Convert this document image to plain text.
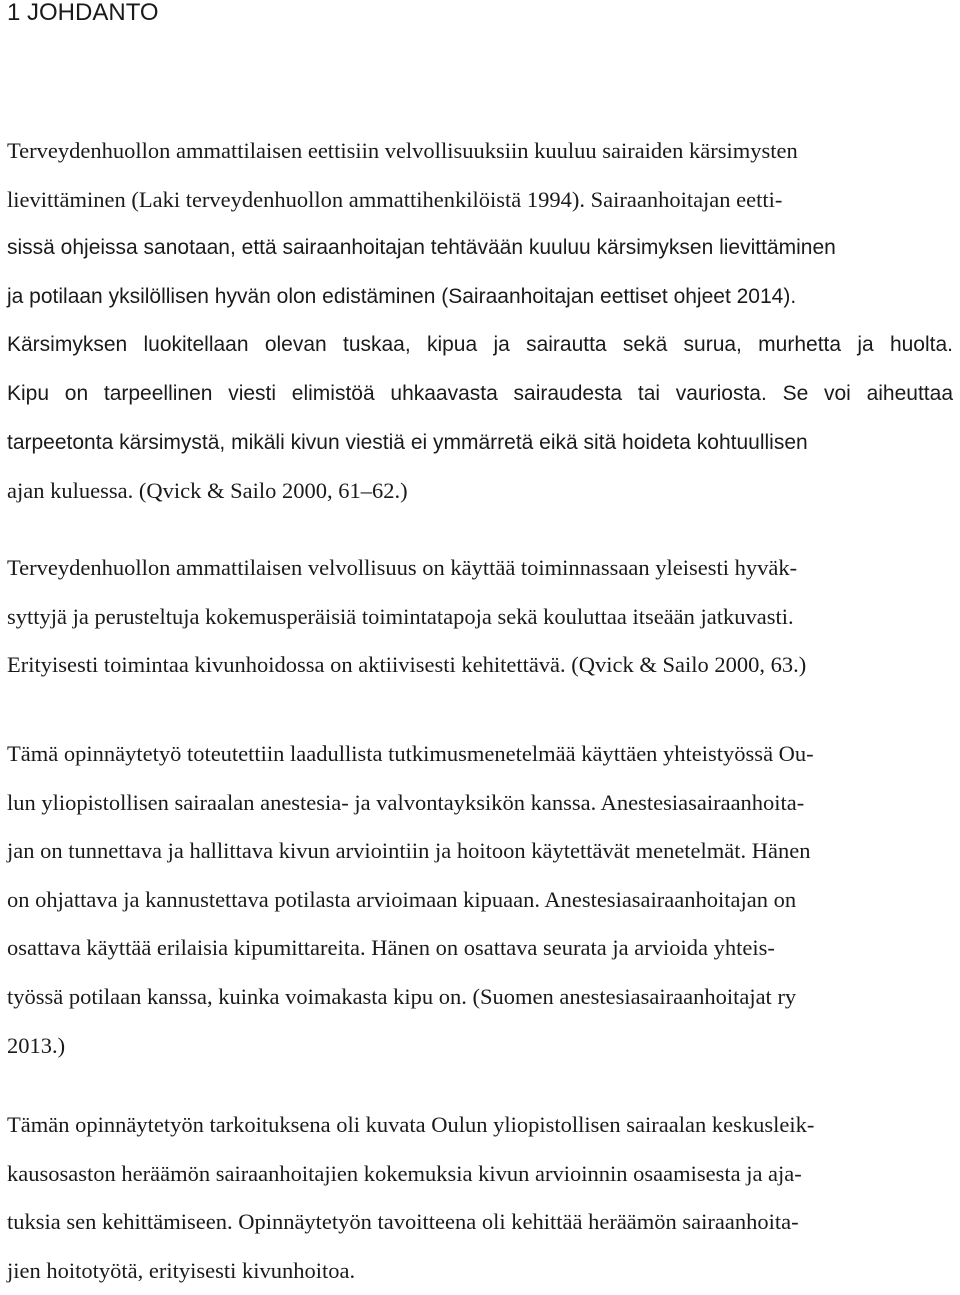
1 JOHDANTO

Terveydenhuollon ammattilaisen eettisiin velvollisuuksiin kuuluu sairaiden kärsimysten
lievittäminen (Laki terveydenhuollon ammattihenkilöistä 1994). Sairaanhoitajan eetti-
sissä ohjeissa sanotaan, että sairaanhoitajan tehtävään kuuluu kärsimyksen lievittäminen
ja potilaan yksilöllisen hyvän olon edistäminen (Sairaanhoitajan eettiset ohjeet 2014).
Kärsimyksen luokitellaan olevan tuskaa, kipua ja sairautta sekä surua, murhetta ja huolta.
Kipu on tarpeellinen viesti elimistöä uhkaavasta sairaudesta tai vauriosta. Se voi aiheuttaa
tarpeetonta kärsimystä, mikäli kivun viestiä ei ymmärretä eikä sitä hoideta kohtuullisen
ajan kuluessa. (Qvick & Sailo 2000, 61–62.)

Terveydenhuollon ammattilaisen velvollisuus on käyttää toiminnassaan yleisesti hyväk-
syttyjä ja perusteltuja kokemusperäisiä toimintatapoja sekä kouluttaa itseään jatkuvasti.
Erityisesti toimintaa kivunhoidossa on aktiivisesti kehitettävä. (Qvick & Sailo 2000, 63.)

Tämä opinnäytetyö toteutettiin laadullista tutkimusmenetelmää käyttäen yhteistyössä Ou-
lun yliopistollisen sairaalan anestesia- ja valvontayksikön kanssa. Anestesiasairaanhoita-
jan on tunnettava ja hallittava kivun arviointiin ja hoitoon käytettävät menetelmät. Hänen
on ohjattava ja kannustettava potilasta arvioimaan kipuaan. Anestesiasairaanhoitajan on
osattava käyttää erilaisia kipumittareita. Hänen on osattava seurata ja arvioida yhteis-
työssä potilaan kanssa, kuinka voimakasta kipu on. (Suomen anestesiasairaanhoitajat ry
2013.)

Tämän opinnäytetyön tarkoituksena oli kuvata Oulun yliopistollisen sairaalan keskusleik-
kausosaston heräämön sairaanhoitajien kokemuksia kivun arvioinnin osaamisesta ja aja-
tuksia sen kehittämiseen. Opinnäytetyön tavoitteena oli kehittää heräämön sairaanhoita-
jien hoitotyötä, erityisesti kivunhoitoa.
